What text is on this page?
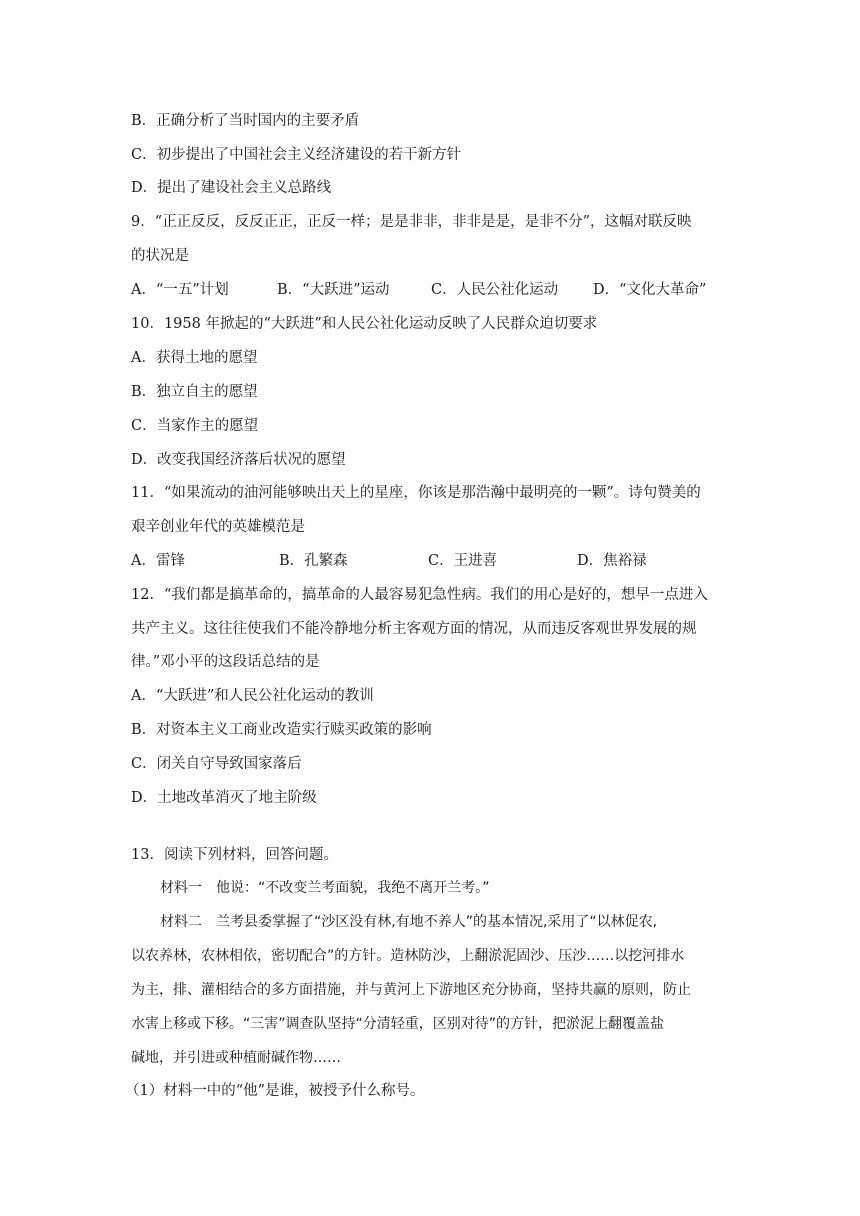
B．正确分析了当时国内的主要矛盾
C．初步提出了中国社会主义经济建设的若干新方针
D．提出了建设社会主义总路线
9．“正正反反，反反正正，正反一样；是是非非，非非是是，是非不分”，这幅对联反映
的状况是
A．“一五”计划	B．“大跃进”运动	C．人民公社化运动 D．“文化大革命”
10．1958 年掀起的“大跃进”和人民公社化运动反映了人民群众迫切要求
A．获得土地的愿望
B．独立自主的愿望
C．当家作主的愿望
D．改变我国经济落后状况的愿望
11．“如果流动的油河能够映出天上的星座，你该是那浩瀚中最明亮的一颗”。诗句赞美的
艰辛创业年代的英雄模范是
A．雷锋	B．孔繁森	C．王进喜	D．焦裕禄
12．“我们都是搞革命的，搞革命的人最容易犯急性病。我们的用心是好的，想早一点进入
共产主义。这往往使我们不能冷静地分析主客观方面的情况，从而违反客观世界发展的规
律。”邓小平的这段话总结的是
A．“大跃进”和人民公社化运动的教训
B．对资本主义工商业改造实行赎买政策的影响
C．闭关自守导致国家落后
D．土地改革消灭了地主阶级
13．阅读下列材料，回答问题。
材料一　他说：“不改变兰考面貌，我绝不离开兰考。”
材料二　兰考县委掌握了“沙区没有林,有地不养人”的基本情况,采用了“以林促农,
以农养林，农林相依，密切配合”的方针。造林防沙，上翻淤泥固沙、压沙……以挖河排水
为主，排、灌相结合的多方面措施，并与黄河上下游地区充分协商，坚持共赢的原则，防止
水害上移或下移。“三害”调查队坚持“分清轻重，区别对待”的方针，把淤泥上翻覆盖盐
碱地，并引进或种植耐碱作物……
（1）材料一中的“他”是谁，被授予什么称号。
